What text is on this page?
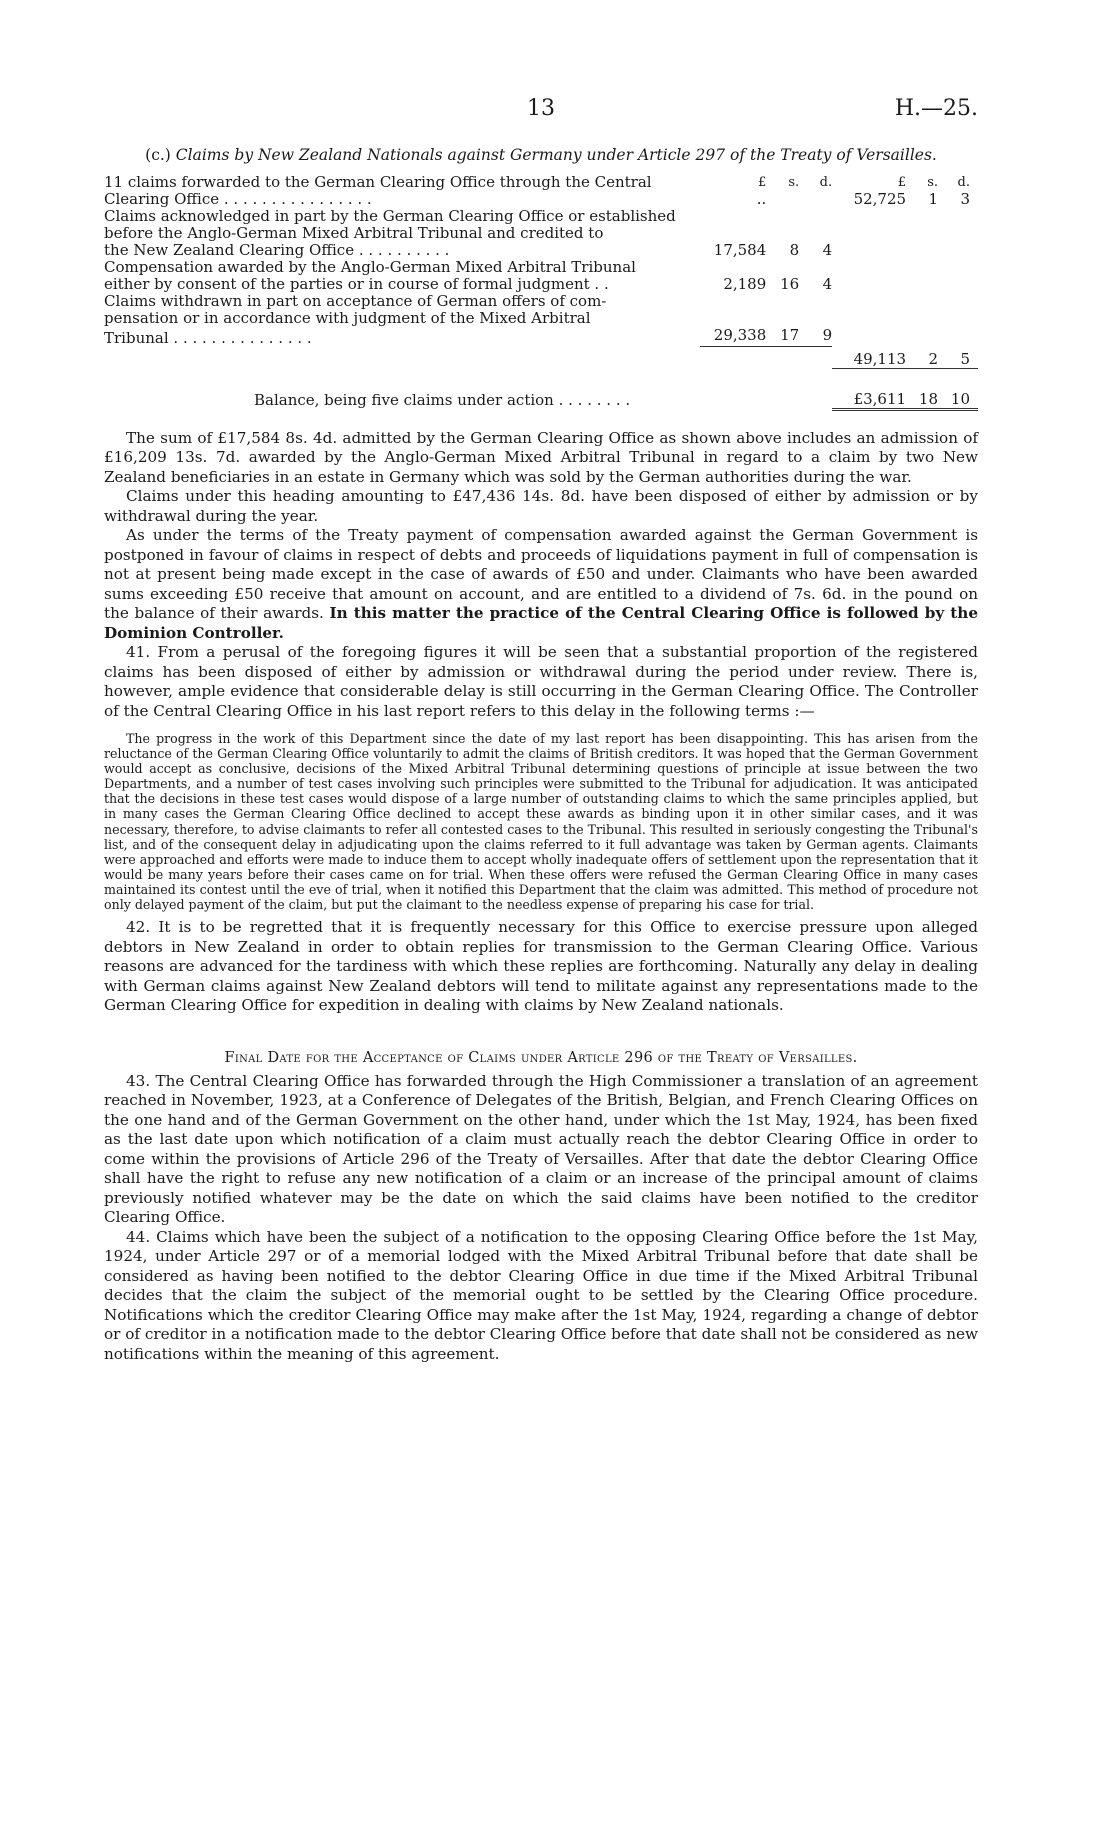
13	H.—25.
(c.) Claims by New Zealand Nationals against Germany under Article 297 of the Treaty of Versailles.
11 claims forwarded to the German Clearing Office through the Central	£	s.	d.	£	s.	d.
Clearing Office . . . . . . . . . . . . . . . .	..			52,725	1	3
Claims acknowledged in part by the German Clearing Office or established						
before the Anglo-German Mixed Arbitral Tribunal and credited to						
the New Zealand Clearing Office . . . . . . . . . .	17,584	8	4			
Compensation awarded by the Anglo-German Mixed Arbitral Tribunal						
either by consent of the parties or in course of formal judgment . .	2,189	16	4			
Claims withdrawn in part on acceptance of German offers of com-						
pensation or in accordance with judgment of the Mixed Arbitral						
Tribunal . . . . . . . . . . . . . . .	29,338	17	9			
				49,113	2	5
Balance, being five claims under action . . . . . . . .				£3,611	18	10

The sum of £17,584 8s. 4d. admitted by the German Clearing Office as shown above includes an admission of £16,209 13s. 7d. awarded by the Anglo-German Mixed Arbitral Tribunal in regard to a claim by two New Zealand beneficiaries in an estate in Germany which was sold by the German authorities during the war.

Claims under this heading amounting to £47,436 14s. 8d. have been disposed of either by admission or by withdrawal during the year.

As under the terms of the Treaty payment of compensation awarded against the German Government is postponed in favour of claims in respect of debts and proceeds of liquidations payment in full of compensation is not at present being made except in the case of awards of £50 and under. Claimants who have been awarded sums exceeding £50 receive that amount on account, and are entitled to a dividend of 7s. 6d. in the pound on the balance of their awards. In this matter the practice of the Central Clearing Office is followed by the Dominion Controller.

41. From a perusal of the foregoing figures it will be seen that a substantial proportion of the registered claims has been disposed of either by admission or withdrawal during the period under review. There is, however, ample evidence that considerable delay is still occurring in the German Clearing Office. The Controller of the Central Clearing Office in his last report refers to this delay in the following terms :—

The progress in the work of this Department since the date of my last report has been disappointing. This has arisen from the reluctance of the German Clearing Office voluntarily to admit the claims of British creditors. It was hoped that the German Government would accept as conclusive, decisions of the Mixed Arbitral Tribunal determining questions of principle at issue between the two Departments, and a number of test cases involving such principles were submitted to the Tribunal for adjudication. It was anticipated that the decisions in these test cases would dispose of a large number of outstanding claims to which the same principles applied, but in many cases the German Clearing Office declined to accept these awards as binding upon it in other similar cases, and it was necessary, therefore, to advise claimants to refer all contested cases to the Tribunal. This resulted in seriously congesting the Tribunal's list, and of the consequent delay in adjudicating upon the claims referred to it full advantage was taken by German agents. Claimants were approached and efforts were made to induce them to accept wholly inadequate offers of settlement upon the representation that it would be many years before their cases came on for trial. When these offers were refused the German Clearing Office in many cases maintained its contest until the eve of trial, when it notified this Department that the claim was admitted. This method of procedure not only delayed payment of the claim, but put the claimant to the needless expense of preparing his case for trial.

42. It is to be regretted that it is frequently necessary for this Office to exercise pressure upon alleged debtors in New Zealand in order to obtain replies for transmission to the German Clearing Office. Various reasons are advanced for the tardiness with which these replies are forthcoming. Naturally any delay in dealing with German claims against New Zealand debtors will tend to militate against any representations made to the German Clearing Office for expedition in dealing with claims by New Zealand nationals.

Final Date for the Acceptance of Claims under Article 296 of the Treaty of Versailles.

43. The Central Clearing Office has forwarded through the High Commissioner a translation of an agreement reached in November, 1923, at a Conference of Delegates of the British, Belgian, and French Clearing Offices on the one hand and of the German Government on the other hand, under which the 1st May, 1924, has been fixed as the last date upon which notification of a claim must actually reach the debtor Clearing Office in order to come within the provisions of Article 296 of the Treaty of Versailles. After that date the debtor Clearing Office shall have the right to refuse any new notification of a claim or an increase of the principal amount of claims previously notified whatever may be the date on which the said claims have been notified to the creditor Clearing Office.

44. Claims which have been the subject of a notification to the opposing Clearing Office before the 1st May, 1924, under Article 297 or of a memorial lodged with the Mixed Arbitral Tribunal before that date shall be considered as having been notified to the debtor Clearing Office in due time if the Mixed Arbitral Tribunal decides that the claim the subject of the memorial ought to be settled by the Clearing Office procedure. Notifications which the creditor Clearing Office may make after the 1st May, 1924, regarding a change of debtor or of creditor in a notification made to the debtor Clearing Office before that date shall not be considered as new notifications within the meaning of this agreement.
